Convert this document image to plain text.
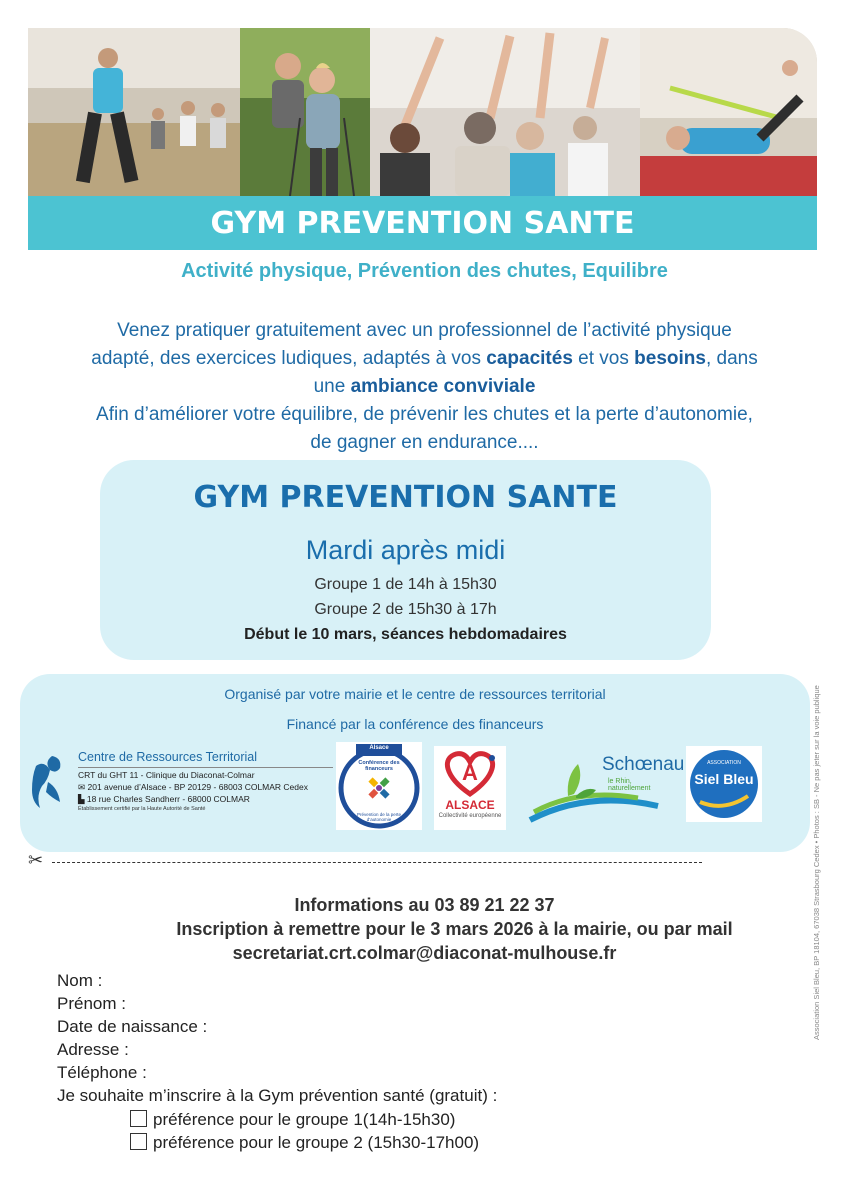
GYM PREVENTION SANTE
Activité physique, Prévention des chutes, Equilibre
Venez pratiquer gratuitement avec un professionnel de l’activité physique
adapté, des exercices ludiques, adaptés à vos capacités et vos besoins, dans
une ambiance conviviale
Afin d’améliorer votre équilibre, de prévenir les chutes et la perte d’autonomie,
de gagner en endurance....
GYM PREVENTION SANTE
Mardi après midi
Groupe 1 de 14h à 15h30
Groupe 2 de 15h30 à 17h
Début le 10 mars, séances hebdomadaires
Organisé par votre mairie et le centre de ressources territorial
Financé par la conférence des financeurs
Centre de Ressources Territorial
CRT du GHT 11 - Clinique du Diaconat-Colmar
✉ 201 avenue d’Alsace - BP 20129 - 68003 COLMAR Cedex
▙ 18 rue Charles Sandherr - 68000 COLMAR
Établissement certifié par la Haute Autorité de Santé
Alsace
Conférence des financeurs
Prévention de la perte d’autonomie
A
ALSACE
Collectivité européenne
Schœnau
le Rhin, naturellement
ASSOCIATION
Siel Bleu	Association Siel Bleu, BP 18104, 67038 Strasbourg Cedex • Photos : SB - Ne pas jeter sur la voie publique
✂
Informations au 03 89 21 22 37
Inscription à remettre pour le 3 mars 2026 à la mairie, ou par mail
secretariat.crt.colmar@diaconat-mulhouse.fr
Nom :
Prénom :
Date de naissance :
Adresse :
Téléphone :
Je souhaite m’inscrire à la Gym prévention santé (gratuit) :
préférence pour le groupe 1(14h-15h30)
préférence pour le groupe 2 (15h30-17h00)
